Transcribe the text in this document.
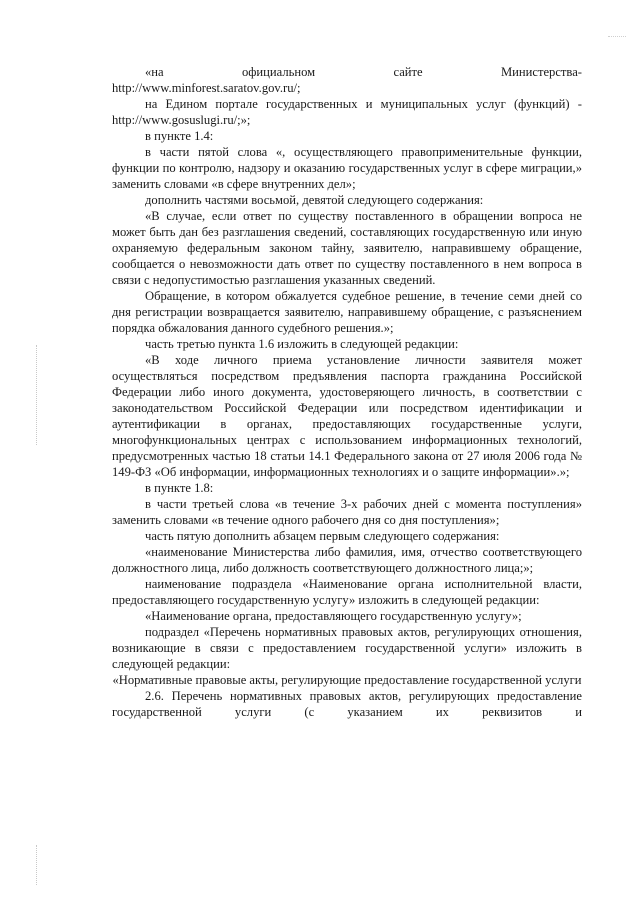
«на официальном сайте Министерства-

http://www.minforest.saratov.gov.ru/;

на Едином портале государственных и муниципальных услуг (функций) - http://www.gosuslugi.ru/;»;

в пункте 1.4:

в части пятой слова «, осуществляющего правоприменительные функции, функции по контролю, надзору и оказанию государственных услуг в сфере миграции,» заменить словами «в сфере внутренних дел»;

дополнить частями восьмой, девятой следующего содержания:

«В случае, если ответ по существу поставленного в обращении вопроса не может быть дан без разглашения сведений, составляющих государственную или иную охраняемую федеральным законом тайну, заявителю, направившему обращение, сообщается о невозможности дать ответ по существу поставленного в нем вопроса в связи с недопустимостью разглашения указанных сведений.

Обращение, в котором обжалуется судебное решение, в течение семи дней со дня регистрации возвращается заявителю, направившему обращение, с разъяснением порядка обжалования данного судебного решения.»;

часть третью пункта 1.6 изложить в следующей редакции:

«В ходе личного приема установление личности заявителя может осуществляться посредством предъявления паспорта гражданина Российской Федерации либо иного документа, удостоверяющего личность, в соответствии с законодательством Российской Федерации или посредством идентификации и аутентификации в органах, предоставляющих государственные услуги, многофункциональных центрах с использованием информационных технологий, предусмотренных частью 18 статьи 14.1 Федерального закона от 27 июля 2006 года № 149-ФЗ «Об информации, информационных технологиях и о защите информации».»;

в пункте 1.8:

в части третьей слова «в течение 3-х рабочих дней с момента поступления» заменить словами «в течение одного рабочего дня со дня поступления»;

часть пятую дополнить абзацем первым следующего содержания:

«наименование Министерства либо фамилия, имя, отчество соответствующего должностного лица, либо должность соответствующего должностного лица;»;

наименование подраздела «Наименование органа исполнительной власти, предоставляющего государственную услугу» изложить в следующей редакции:

«Наименование органа, предоставляющего государственную услугу»;

подраздел «Перечень нормативных правовых актов, регулирующих отношения, возникающие в связи с предоставлением государственной услуги» изложить в следующей редакции:

«Нормативные правовые акты, регулирующие предоставление государственной услуги

2.6. Перечень нормативных правовых актов, регулирующих предоставление государственной услуги (с указанием их реквизитов и
